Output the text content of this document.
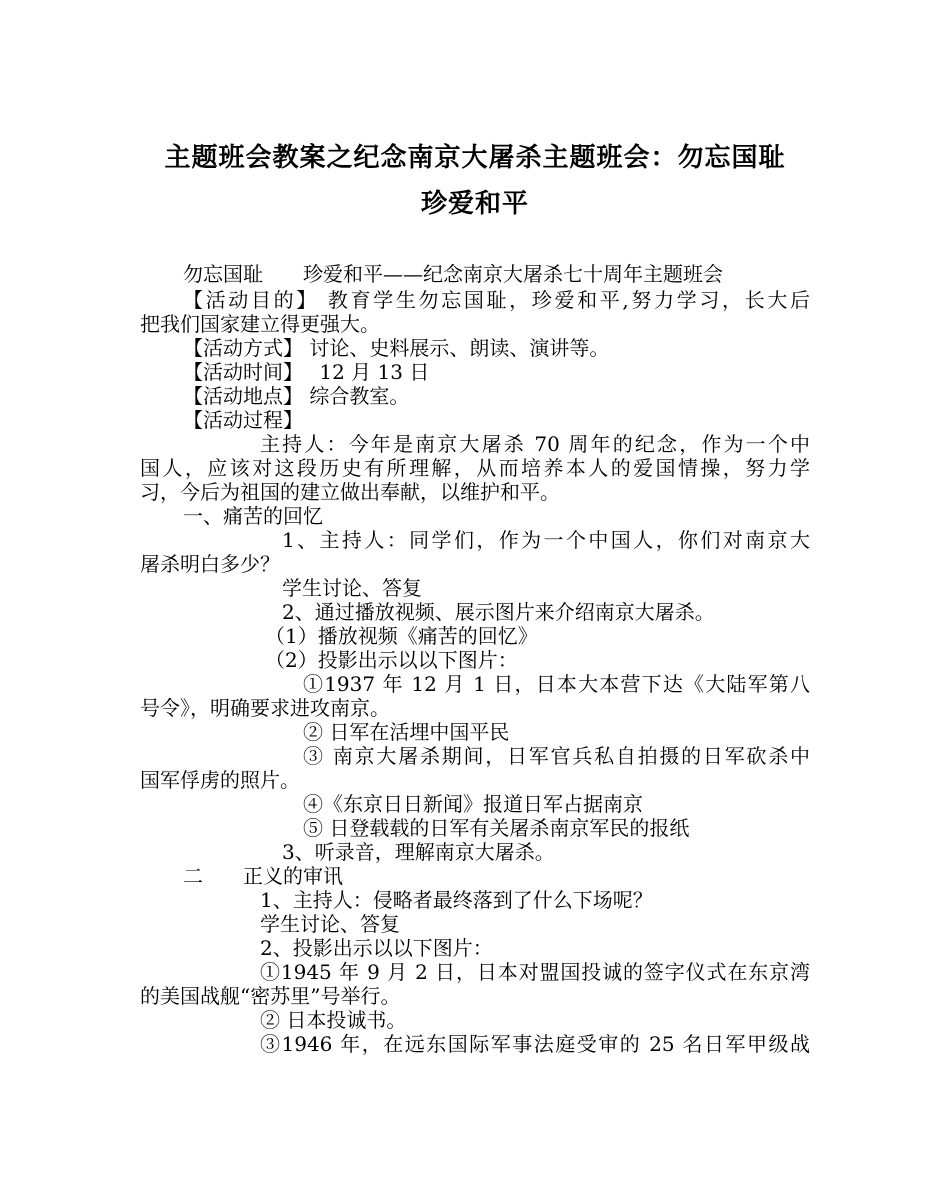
主题班会教案之纪念南京大屠杀主题班会：勿忘国耻
珍爱和平
勿忘国耻　　珍爱和平——纪念南京大屠杀七十周年主题班会
【活动目的】 教育学生勿忘国耻，珍爱和平,努力学习，长大后
把我们国家建立得更强大。
【活动方式】 讨论、史料展示、朗读、演讲等。
【活动时间】　 12 月 13 日
【活动地点】 综合教室。
【活动过程】
主持人：今年是南京大屠杀 70 周年的纪念，作为一个中
国人，应该对这段历史有所理解，从而培养本人的爱国情操，努力学
习，今后为祖国的建立做出奉献，以维护和平。
一、痛苦的回忆
1、主持人：同学们，作为一个中国人，你们对南京大
屠杀明白多少？
学生讨论、答复
2、通过播放视频、展示图片来介绍南京大屠杀。
（1）播放视频《痛苦的回忆》
（2）投影出示以以下图片：
①1937 年 12 月 1 日，日本大本营下达《大陆军第八
号令》，明确要求进攻南京。
② 日军在活埋中国平民
③ 南京大屠杀期间，日军官兵私自拍摄的日军砍杀中
国军俘虏的照片。
④《东京日日新闻》报道日军占据南京
⑤ 日登载载的日军有关屠杀南京军民的报纸
3、听录音，理解南京大屠杀。
二　　正义的审讯
1、主持人：侵略者最终落到了什么下场呢？
学生讨论、答复
2、投影出示以以下图片：
①1945 年 9 月 2 日，日本对盟国投诚的签字仪式在东京湾
的美国战舰“密苏里”号举行。
② 日本投诚书。
③1946 年，在远东国际军事法庭受审的 25 名日军甲级战
